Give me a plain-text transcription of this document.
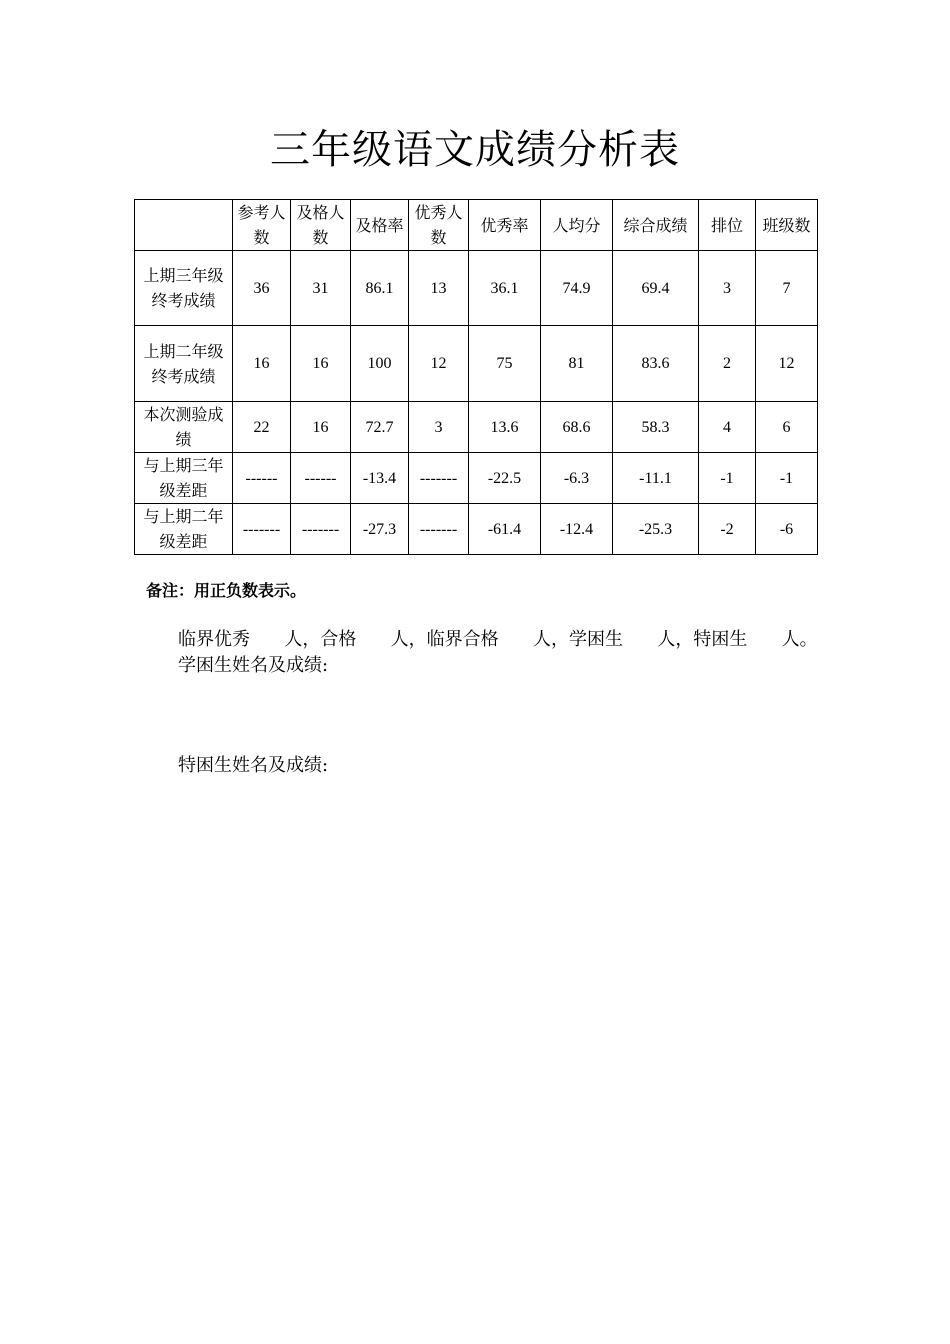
三年级语文成绩分析表
	参考人数	及格人数	及格率	优秀人数	优秀率	人均分	综合成绩	排位	班级数
上期三年级终考成绩	36	31	86.1	13	36.1	74.9	69.4	3	7
上期二年级终考成绩	16	16	100	12	75	81	83.6	2	12
本次测验成绩	22	16	72.7	3	13.6	68.6	58.3	4	6
与上期三年级差距	------	------	-13.4	-------	-22.5	-6.3	-11.1	-1	-1
与上期二年级差距	-------	-------	-27.3	-------	-61.4	-12.4	-25.3	-2	-6
备注：用正负数表示。
临界优秀      人，合格      人，临界合格      人，学困生      人，特困生      人。
学困生姓名及成绩:
特困生姓名及成绩:
